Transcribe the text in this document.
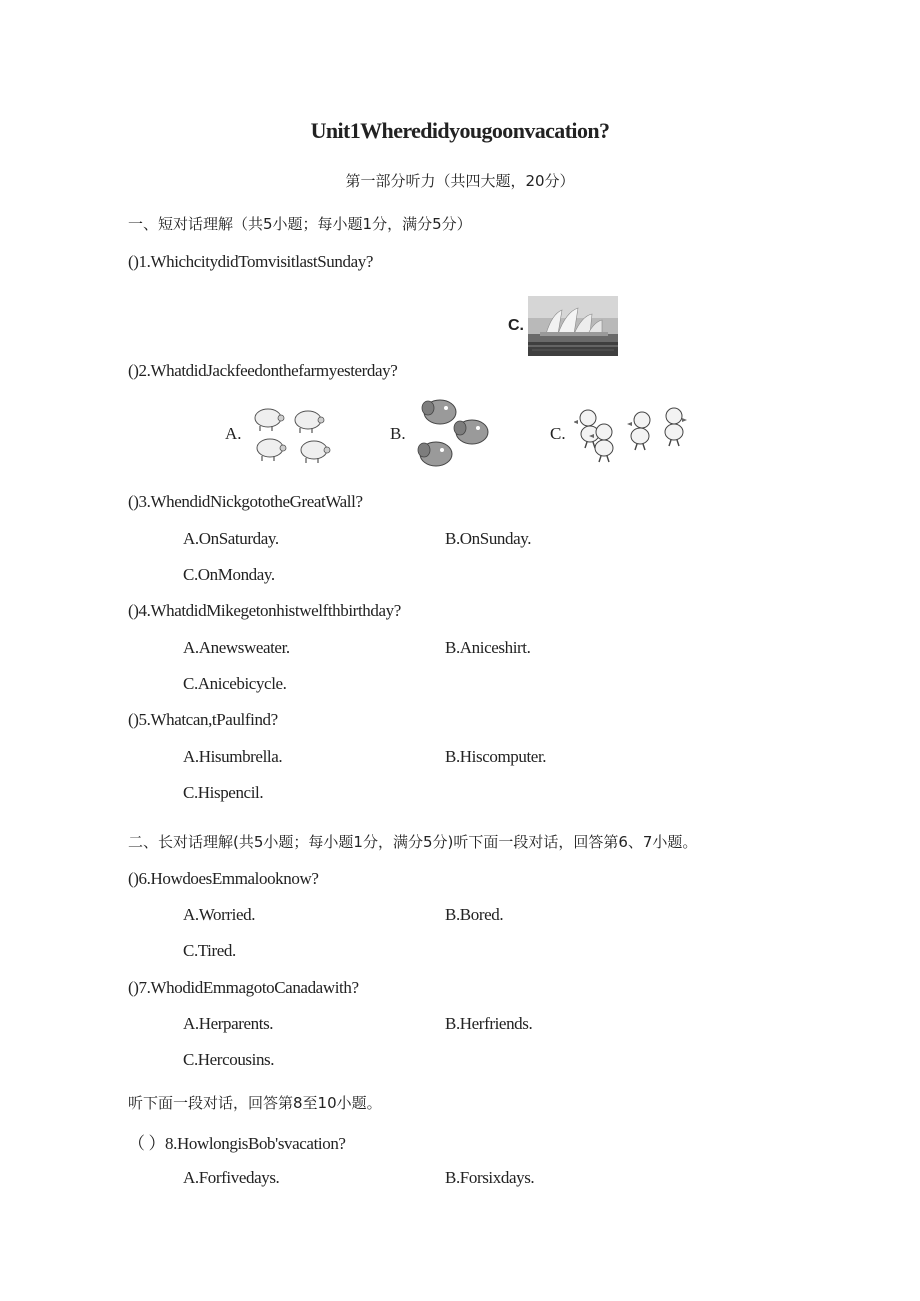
Unit1Wheredidyougoonvacation?
第一部分听力（共四大题，20分）
一、短对话理解（共5小题；每小题1分，满分5分）
()1.WhichcitydidTomvisitlastSunday?
C.
()2.WhatdidJackfeedonthefarmyesterday?
A.	B.	C.
()3.WhendidNickgototheGreatWall?
A.OnSaturday.	B.OnSunday.
C.OnMonday.
()4.WhatdidMikegetonhistwelfthbirthday?
A.Anewsweater.	B.Aniceshirt.
C.Anicebicycle.
()5.Whatcan,tPaulfind?
A.Hisumbrella.	B.Hiscomputer.
C.Hispencil.
二、长对话理解(共5小题；每小题1分，满分5分)听下面一段对话，回答第6、7小题。
()6.HowdoesEmmalooknow?
A.Worried.	B.Bored.
C.Tired.
()7.WhodidEmmagotoCanadawith?
A.Herparents.	B.Herfriends.
C.Hercousins.
听下面一段对话，回答第8至10小题。
（ ）8.HowlongisBob'svacation?
A.Forfivedays.	B.Forsixdays.
